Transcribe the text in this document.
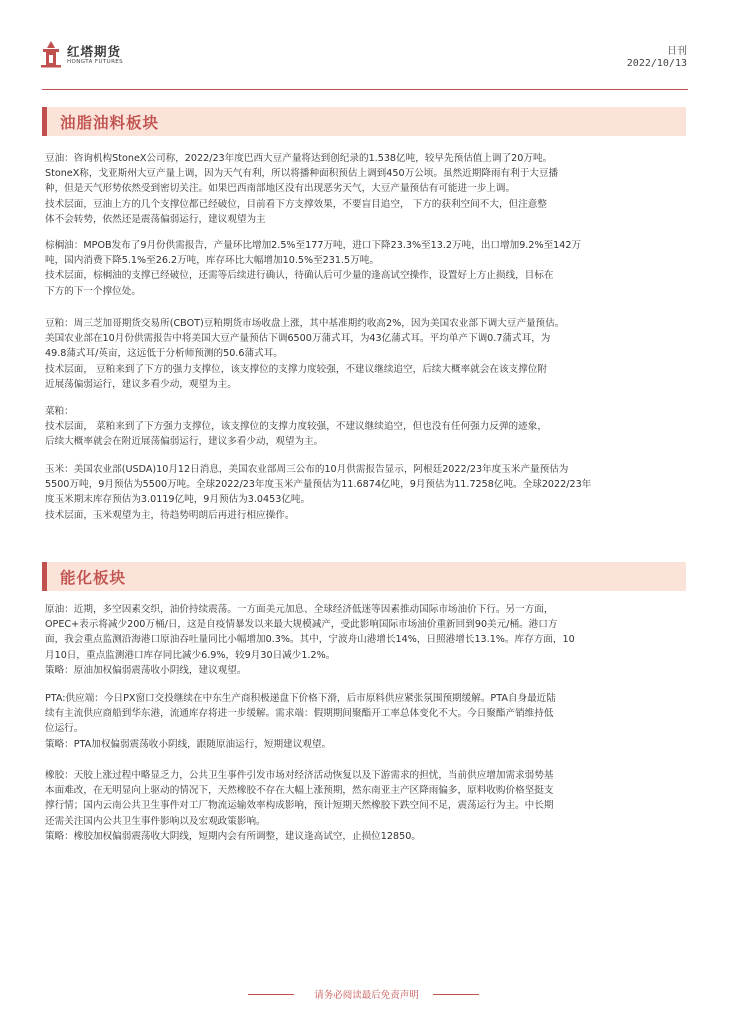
红塔期货
HONGTA FUTURES
日刊
2022/10/13
油脂油料板块
豆油：咨询机构StoneX公司称，2022/23年度巴西大豆产量将达到创纪录的1.538亿吨，较早先预估值上调了20万吨。
StoneX称，戈亚斯州大豆产量上调，因为天气有利，所以将播种面积预估上调到450万公顷。虽然近期降雨有利于大豆播
种，但是天气形势依然受到密切关注。如果巴西南部地区没有出现恶劣天气，大豆产量预估有可能进一步上调。
技术层面，豆油上方的几个支撑位都已经破位，目前看下方支撑效果，不要盲目追空， 下方的获利空间不大，但注意整
体不会转势，依然还是震荡偏弱运行，建议观望为主
棕榈油：MPOB发布了9月份供需报告，产量环比增加2.5%至177万吨，进口下降23.3%至13.2万吨，出口增加9.2%至142万
吨，国内消费下降5.1%至26.2万吨，库存环比大幅增加10.5%至231.5万吨。
技术层面，棕榈油的支撑已经破位，还需等后续进行确认，待确认后可少量的逢高试空操作，设置好上方止损线，目标在
下方的下一个撑位处。
豆粕：周三芝加哥期货交易所(CBOT)豆粕期货市场收盘上涨，其中基准期约收高2%，因为美国农业部下调大豆产量预估。
美国农业部在10月份供需报告中将美国大豆产量预估下调6500万蒲式耳，为43亿蒲式耳。平均单产下调0.7蒲式耳，为
49.8蒲式耳/英亩，这远低于分析师预测的50.6蒲式耳。
技术层面， 豆粕来到了下方的强力支撑位，该支撑位的支撑力度较强，不建议继续追空，后续大概率就会在该支撑位附
近展荡偏弱运行，建议多看少动，观望为主。
菜粕：
技术层面， 菜粕来到了下方强力支撑位，该支撑位的支撑力度较强，不建议继续追空，但也没有任何强力反弹的迹象，
后续大概率就会在附近展荡偏弱运行，建议多看少动，观望为主。
玉米：美国农业部(USDA)10月12日消息，美国农业部周三公布的10月供需报告显示，阿根廷2022/23年度玉米产量预估为
5500万吨，9月预估为5500万吨。全球2022/23年度玉米产量预估为11.6874亿吨，9月预估为11.7258亿吨。全球2022/23年
度玉米期末库存预估为3.0119亿吨，9月预估为3.0453亿吨。
技术层面，玉米观望为主，待趋势明朗后再进行相应操作。
能化板块
原油：近期，多空因素交织，油价持续震荡。一方面美元加息、全球经济低迷等因素推动国际市场油价下行。另一方面，
OPEC+表示将减少200万桶/日，这是自疫情暴发以来最大规模减产，受此影响国际市场油价重新回到90美元/桶。港口方
面，我会重点监测沿海港口原油吞吐量同比小幅增加0.3%。其中，宁波舟山港增长14%，日照港增长13.1%。库存方面，10
月10日，重点监测港口库存同比减少6.9%，较9月30日减少1.2%。
策略：原油加权偏弱震荡收小阴线，建议观望。
PTA:供应端：今日PX窗口交投继续在中东生产商积极递盘下价格下滑，后市原料供应紧张氛围预期缓解。PTA自身最近陆
续有主流供应商船到华东港，流通库存将进一步缓解。需求端：假期期间聚酯开工率总体变化不大。今日聚酯产销维持低
位运行。
策略：PTA加权偏弱震荡收小阴线，跟随原油运行，短期建议观望。
橡胶：天胶上涨过程中略显乏力，公共卫生事件引发市场对经济活动恢复以及下游需求的担忧，当前供应增加需求弱势基
本面难改，在无明显向上驱动的情况下，天然橡胶不存在大幅上涨预期，然东南亚主产区降雨偏多，原料收购价格坚挺支
撑行情；国内云南公共卫生事件对工厂物流运输效率构成影响，预计短期天然橡胶下跌空间不足，震荡运行为主。中长期
还需关注国内公共卫生事件影响以及宏观政策影响。
策略：橡胶加权偏弱震荡收大阴线，短期内会有所调整，建议逢高试空，止损位12850。
请务必阅读最后免责声明
